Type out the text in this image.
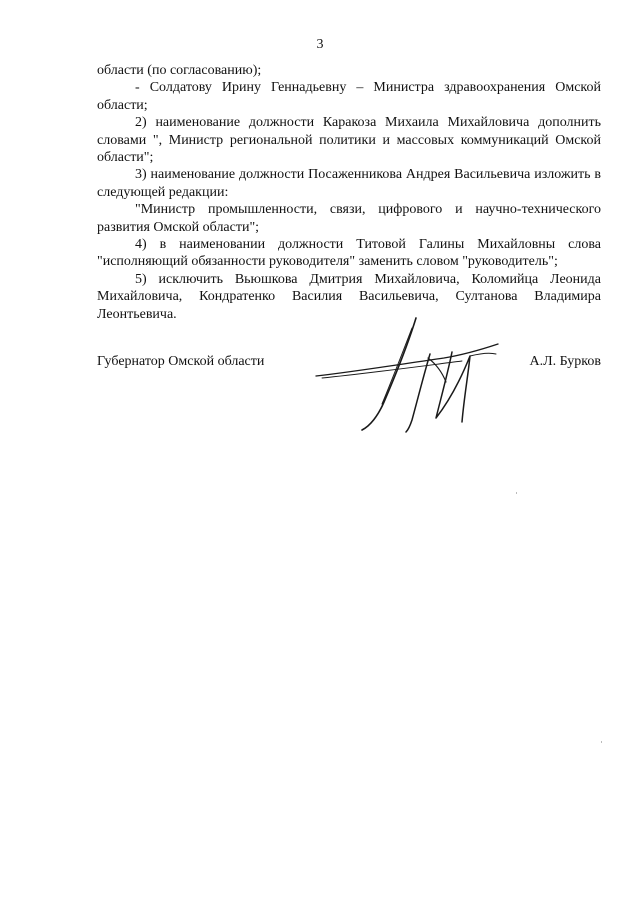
3

области (по согласованию);

- Солдатову Ирину Геннадьевну – Министра здравоохранения Омской области;

2) наименование должности Каракоза Михаила Михайловича дополнить словами ", Министр региональной политики и массовых коммуникаций Омской области";

3) наименование должности Посаженникова Андрея Васильевича изложить в следующей редакции:

"Министр промышленности, связи, цифрового и научно-технического развития Омской области";

4) в наименовании должности Титовой Галины Михайловны слова "исполняющий обязанности руководителя" заменить словом "руководитель";

5) исключить Вьюшкова Дмитрия Михайловича, Коломийца Леонида Михайловича, Кондратенко Василия Васильевича, Султанова Владимира Леонтьевича.

Губернатор Омской области	А.Л. Бурков
